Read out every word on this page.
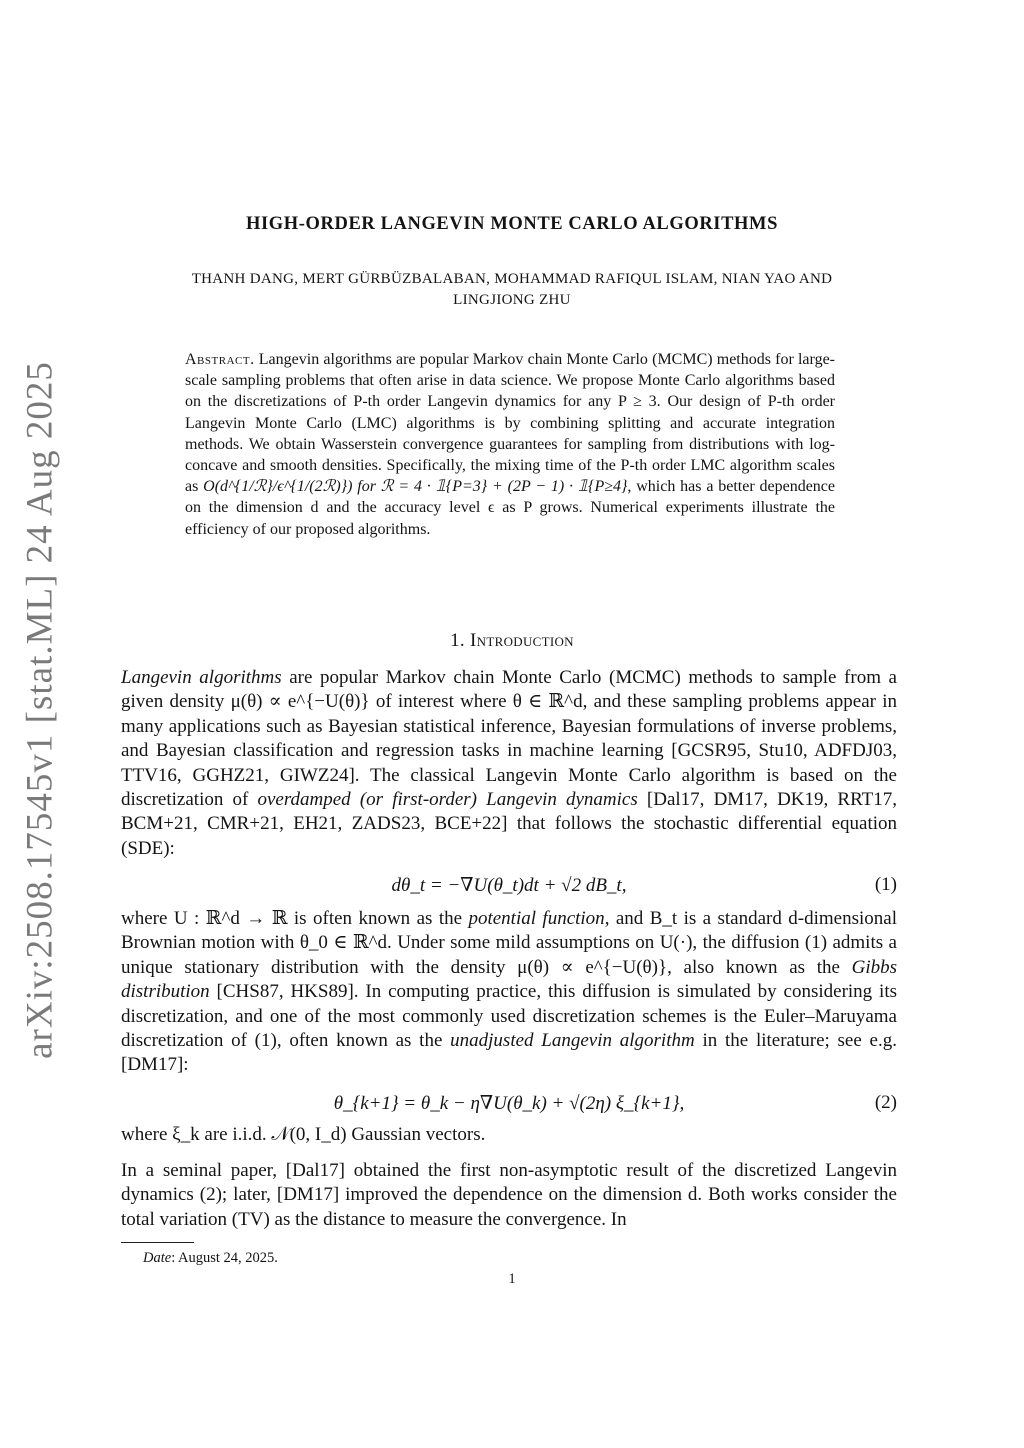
arXiv:2508.17545v1 [stat.ML] 24 Aug 2025
HIGH-ORDER LANGEVIN MONTE CARLO ALGORITHMS
THANH DANG, MERT GÜRBÜZBALABAN, MOHAMMAD RAFIQUL ISLAM, NIAN YAO AND
LINGJIONG ZHU
Abstract. Langevin algorithms are popular Markov chain Monte Carlo (MCMC) methods for large-scale sampling problems that often arise in data science. We propose Monte Carlo algorithms based on the discretizations of P-th order Langevin dynamics for any P ≥ 3. Our design of P-th order Langevin Monte Carlo (LMC) algorithms is by combining splitting and accurate integration methods. We obtain Wasserstein convergence guarantees for sampling from distributions with log-concave and smooth densities. Specifically, the mixing time of the P-th order LMC algorithm scales as O(d^{1/ℛ}/ϵ^{1/(2ℛ)}) for ℛ = 4 · 𝟙{P=3} + (2P − 1) · 𝟙{P≥4}, which has a better dependence on the dimension d and the accuracy level ϵ as P grows. Numerical experiments illustrate the efficiency of our proposed algorithms.
1. Introduction
Langevin algorithms are popular Markov chain Monte Carlo (MCMC) methods to sample from a given density μ(θ) ∝ e^{−U(θ)} of interest where θ ∈ ℝ^d, and these sampling problems appear in many applications such as Bayesian statistical inference, Bayesian formulations of inverse problems, and Bayesian classification and regression tasks in machine learning [GCSR95, Stu10, ADFDJ03, TTV16, GGHZ21, GIWZ24]. The classical Langevin Monte Carlo algorithm is based on the discretization of overdamped (or first-order) Langevin dynamics [Dal17, DM17, DK19, RRT17, BCM+21, CMR+21, EH21, ZADS23, BCE+22] that follows the stochastic differential equation (SDE):
dθ_t = −∇U(θ_t)dt + √2 dB_t,	(1)
where U : ℝ^d → ℝ is often known as the potential function, and B_t is a standard d-dimensional Brownian motion with θ_0 ∈ ℝ^d. Under some mild assumptions on U(·), the diffusion (1) admits a unique stationary distribution with the density μ(θ) ∝ e^{−U(θ)}, also known as the Gibbs distribution [CHS87, HKS89]. In computing practice, this diffusion is simulated by considering its discretization, and one of the most commonly used discretization schemes is the Euler–Maruyama discretization of (1), often known as the unadjusted Langevin algorithm in the literature; see e.g. [DM17]:
θ_{k+1} = θ_k − η∇U(θ_k) + √(2η) ξ_{k+1},	(2)
where ξ_k are i.i.d. 𝒩(0, I_d) Gaussian vectors.
In a seminal paper, [Dal17] obtained the first non-asymptotic result of the discretized Langevin dynamics (2); later, [DM17] improved the dependence on the dimension d. Both works consider the total variation (TV) as the distance to measure the convergence. In
Date: August 24, 2025.
1
